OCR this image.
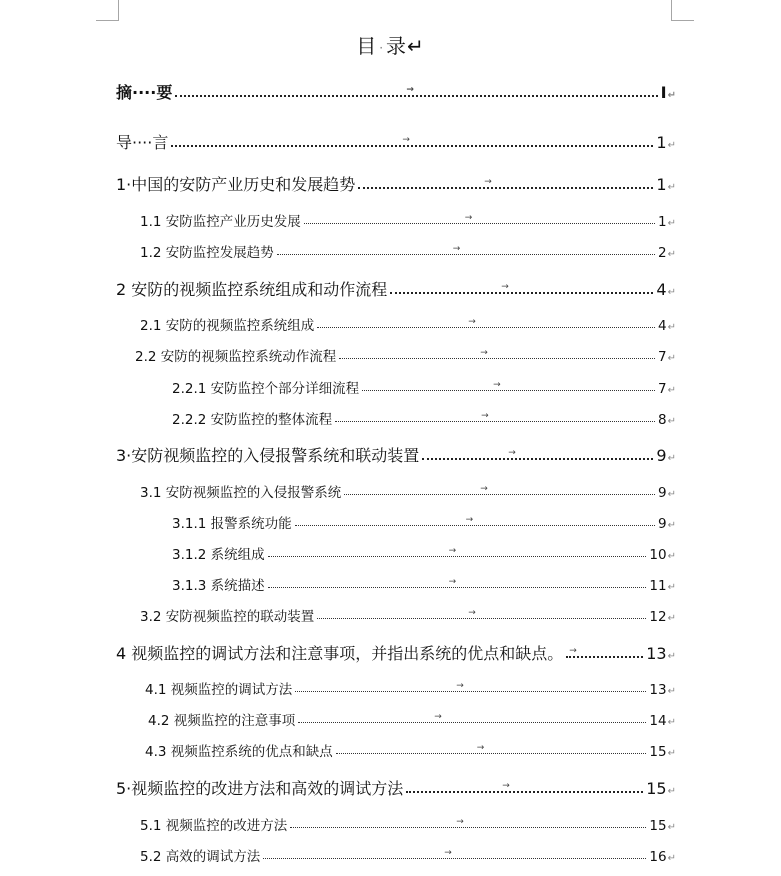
目 · 录↵
摘····要	→	I ↵
导····言	→	1 ↵
1·中国的安防产业历史和发展趋势	→	1 ↵
1.1 安防监控产业历史发展	→	1 ↵
1.2 安防监控发展趋势	→	2 ↵
2 安防的视频监控系统组成和动作流程	→	4 ↵
2.1 安防的视频监控系统组成	→	4 ↵
2.2 安防的视频监控系统动作流程	→	7 ↵
2.2.1 安防监控个部分详细流程	→	7 ↵
2.2.2 安防监控的整体流程	→	8 ↵
3·安防视频监控的入侵报警系统和联动装置	→	9 ↵
3.1 安防视频监控的入侵报警系统	→	9 ↵
3.1.1 报警系统功能	→	9 ↵
3.1.2 系统组成	→	10 ↵
3.1.3 系统描述	→	11 ↵
3.2 安防视频监控的联动装置	→	12 ↵
4 视频监控的调试方法和注意事项，并指出系统的优点和缺点。 →	13 ↵
4.1 视频监控的调试方法	→	13 ↵
4.2 视频监控的注意事项	→	14 ↵
4.3 视频监控系统的优点和缺点	→	15 ↵
5·视频监控的改进方法和高效的调试方法	→	15 ↵
5.1 视频监控的改进方法	→	15 ↵
5.2 高效的调试方法	→	16 ↵
